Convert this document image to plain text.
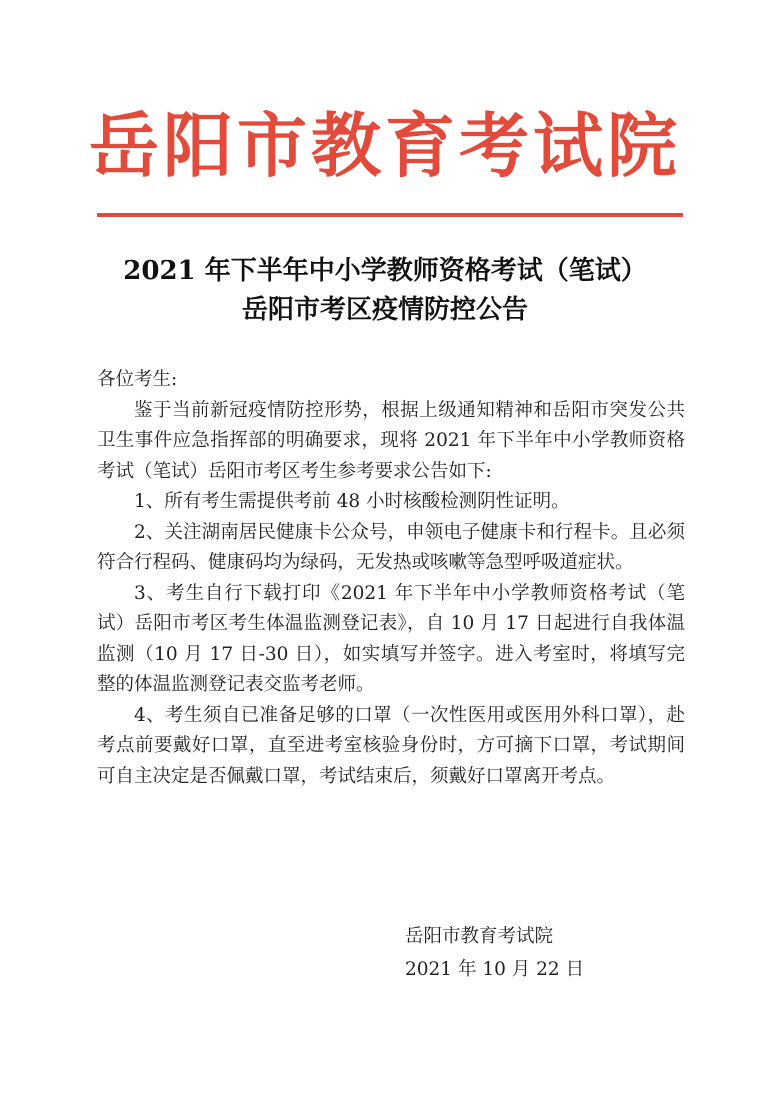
岳阳市教育考试院
2021 年下半年中小学教师资格考试（笔试）
岳阳市考区疫情防控公告

各位考生:

鉴于当前新冠疫情防控形势，根据上级通知精神和岳阳市突发公共卫生事件应急指挥部的明确要求，现将 2021 年下半年中小学教师资格考试（笔试）岳阳市考区考生参考要求公告如下:

1、所有考生需提供考前 48 小时核酸检测阴性证明。

2、关注湖南居民健康卡公众号，申领电子健康卡和行程卡。且必须符合行程码、健康码均为绿码，无发热或咳嗽等急型呼吸道症状。

3、考生自行下载打印《2021 年下半年中小学教师资格考试（笔试）岳阳市考区考生体温监测登记表》，自 10 月 17 日起进行自我体温监测（10 月 17 日-30 日），如实填写并签字。进入考室时，将填写完整的体温监测登记表交监考老师。

4、考生须自已准备足够的口罩（一次性医用或医用外科口罩），赴考点前要戴好口罩，直至进考室核验身份时，方可摘下口罩，考试期间可自主决定是否佩戴口罩，考试结束后，须戴好口罩离开考点。

岳阳市教育考试院
2021 年 10 月 22 日
